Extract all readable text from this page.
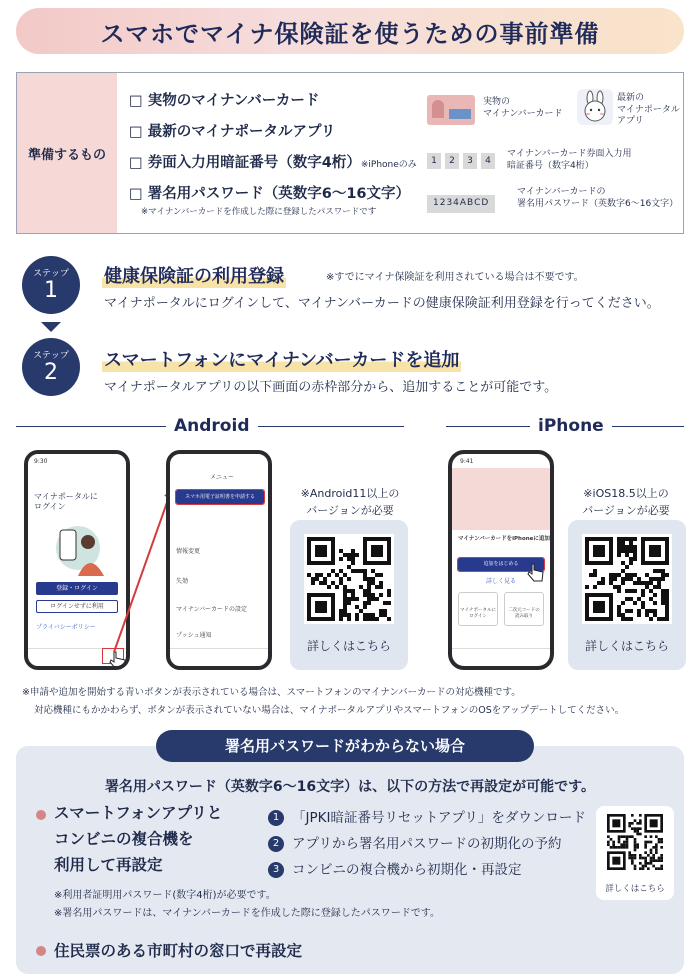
スマホでマイナ保険証を使うための事前準備
準備するもの
□ 実物のマイナンバーカード
□ 最新のマイナポータルアプリ
□ 券面入力用暗証番号（数字4桁）※iPhoneのみ
□ 署名用パスワード（英数字6〜16文字）
※マイナンバーカードを作成した際に登録したパスワードです
実物の
マイナンバーカード
最新の
マイナポータル
アプリ
1 2 3 4
マイナンバーカード券面入力用
暗証番号（数字4桁）
1234ABCD
マイナンバーカードの
署名用パスワード（英数字6〜16文字）
ステップ
1
健康保険証の利用登録	※すでにマイナ保険証を利用されている場合は不要です。
マイナポータルにログインして、マイナンバーカードの健康保険証利用登録を行ってください。
ステップ
2	スマートフォンにマイナンバーカードを追加
マイナポータルアプリの以下画面の赤枠部分から、追加することが可能です。
Android	iPhone
9:30
マイナポータルに
ログイン
登録・ログイン
ログインせずに利用
プライバシーポリシー
メニュー
スマホ用電子証明書を申請する
情報変更
失効
マイナンバーカードの設定
プッシュ通知
※Android11以上の
バージョンが必要
詳しくはこちら
9:41
マイナンバーカードをiPhoneに追加
追加をはじめる
詳しく見る
マイナポータルに
ログイン
二次元コードの
読み取り
※iOS18.5以上の
バージョンが必要
詳しくはこちら
※申請や追加を開始する青いボタンが表示されている場合は、スマートフォンのマイナンバーカードの対応機種です。
対応機種にもかかわらず、ボタンが表示されていない場合は、マイナポータルアプリやスマートフォンのOSをアップデートしてください。
署名用パスワードがわからない場合
署名用パスワード（英数字6〜16文字）は、以下の方法で再設定が可能です。
スマートフォンアプリと
コンビニの複合機を
利用して再設定
1 「JPKI暗証番号リセットアプリ」をダウンロード
2 アプリから署名用パスワードの初期化の予約
3 コンビニの複合機から初期化・再設定
※利用者証明用パスワード(数字4桁)が必要です。
※署名用パスワードは、マイナンバーカードを作成した際に登録したパスワードです。
詳しくはこちら
住民票のある市町村の窓口で再設定
